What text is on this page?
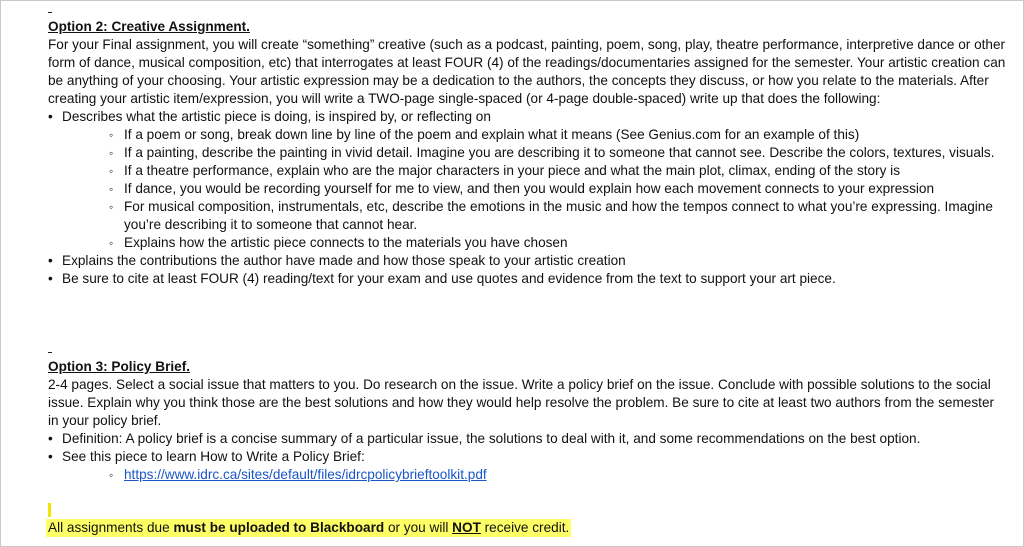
Option 2: Creative Assignment.

For your Final assignment, you will create “something” creative (such as a podcast, painting, poem, song, play, theatre performance, interpretive dance or other form of dance, musical composition, etc) that interrogates at least FOUR (4) of the readings/documentaries assigned for the semester. Your artistic creation can be anything of your choosing. Your artistic expression may be a dedication to the authors, the concepts they discuss, or how you relate to the materials. After creating your artistic item/expression, you will write a TWO-page single-spaced (or 4-page double-spaced) write up that does the following:

• Describes what the artistic piece is doing, is inspired by, or reflecting on
◦ If a poem or song, break down line by line of the poem and explain what it means (See Genius.com for an example of this)
◦ If a painting, describe the painting in vivid detail. Imagine you are describing it to someone that cannot see. Describe the colors, textures, visuals.
◦ If a theatre performance, explain who are the major characters in your piece and what the main plot, climax, ending of the story is
◦ If dance, you would be recording yourself for me to view, and then you would explain how each movement connects to your expression
◦ For musical composition, instrumentals, etc, describe the emotions in the music and how the tempos connect to what you’re expressing. Imagine you’re describing it to someone that cannot hear.
◦ Explains how the artistic piece connects to the materials you have chosen
• Explains the contributions the author have made and how those speak to your artistic creation
• Be sure to cite at least FOUR (4) reading/text for your exam and use quotes and evidence from the text to support your art piece.

Option 3: Policy Brief.

2-4 pages. Select a social issue that matters to you. Do research on the issue. Write a policy brief on the issue. Conclude with possible solutions to the social issue. Explain why you think those are the best solutions and how they would help resolve the problem. Be sure to cite at least two authors from the semester in your policy brief.

• Definition: A policy brief is a concise summary of a particular issue, the solutions to deal with it, and some recommendations on the best option.
• See this piece to learn How to Write a Policy Brief:
◦ https://www.idrc.ca/sites/default/files/idrcpolicybrieftoolkit.pdf
All assignments due must be uploaded to Blackboard or you will NOT receive credit.
